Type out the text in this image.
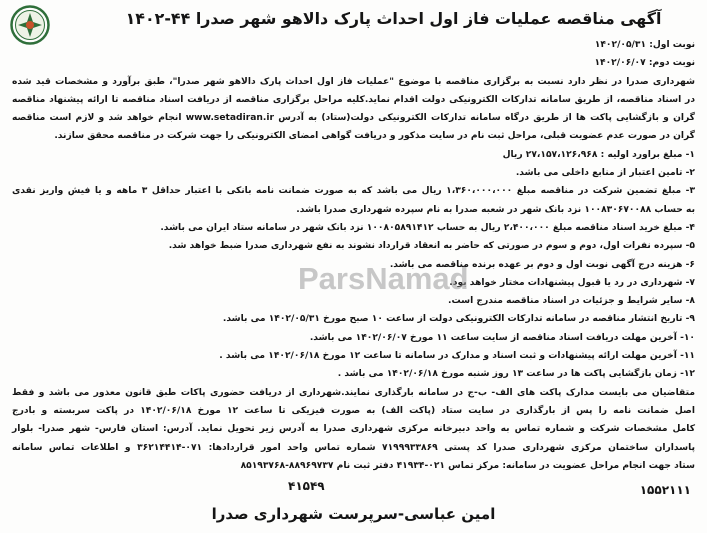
آگهی مناقصه عملیات فاز اول احداث پارک دالاهو شهر صدرا ۴۴-۱۴۰۲
نوبت اول: ۱۴۰۲/۰۵/۳۱
نوبت دوم: ۱۴۰۲/۰۶/۰۷
شهرداری صدرا در نظر دارد نسبت به برگزاری مناقصه با موضوع "عملیات فاز اول احداث پارک دالاهو شهر صدرا"، طبق برآورد و مشخصات قید شده
در اسناد مناقصه، از طریق سامانه تدارکات الکترونیکی دولت اقدام نماید.کلیه مراحل برگزاری مناقصه از دریافت اسناد مناقصه تا ارائه پیشنهاد مناقصه
گران و بازگشایی پاکت ها از طریق درگاه سامانه تدارکات الکترونیکی دولت(ستاد) به آدرس www.setadiran.ir انجام خواهد شد و لازم است مناقصه
گران در صورت عدم عضویت قبلی، مراحل ثبت نام در سایت مذکور و دریافت گواهی امضای الکترونیکی را جهت شرکت در مناقصه محقق سازند.
۱- مبلغ براورد اولیه : ۲۷،۱۵۷،۱۲۶،۹۶۸ ریال
۲- تامین اعتبار از منابع داخلی می باشد.
۳- مبلغ تضمین شرکت در مناقصه مبلغ ۱،۳۶۰،۰۰۰،۰۰۰ ریال می باشد که به صورت ضمانت نامه بانکی با اعتبار حداقل ۳ ماهه و یا فیش واریز نقدی
به حساب ۱۰۰۸۳۰۶۷۰۰۸۸ نزد بانک شهر در شعبه صدرا به نام سپرده شهرداری صدرا باشد.
۴- مبلغ خرید اسناد مناقصه مبلغ ۲،۴۰۰،۰۰۰ ریال به حساب ۱۰۰۸۰۵۸۹۱۴۱۲ نزد بانک شهر در سامانه ستاد ایران می باشد.
۵- سپرده نفرات اول، دوم و سوم در صورتی که حاضر به انعقاد قرارداد نشوند به نفع شهرداری صدرا ضبط خواهد شد.
۶- هزینه درج آگهی نوبت اول و دوم بر عهده برنده مناقصه می باشد.
۷- شهرداری در رد یا قبول پیشنهادات مختار خواهد بود.
۸- سایر شرایط و جزئیات در اسناد مناقصه مندرج است.
۹- تاریخ انتشار مناقصه در سامانه تدارکات الکترونیکی دولت از ساعت ۱۰ صبح مورخ ۱۴۰۲/۰۵/۳۱ می باشد.
۱۰- آخرین مهلت دریافت اسناد مناقصه از سایت ساعت ۱۱ مورخ ۱۴۰۲/۰۶/۰۷ می باشد.
۱۱- آخرین مهلت ارائه پیشنهادات و ثبت اسناد و مدارک در سامانه تا ساعت ۱۲ مورخ ۱۴۰۲/۰۶/۱۸ می باشد .
۱۲- زمان بازگشایی پاکت ها در ساعت ۱۳ روز شنبه مورخ ۱۴۰۲/۰۶/۱۸ می باشد .
متقاضیان می بایست مدارک پاکت های الف- ب-ج در سامانه بارگذاری نمایند.شهرداری از دریافت حضوری پاکات طبق قانون معذور می باشد و فقط
اصل ضمانت نامه را پس از بارگذاری در سایت ستاد (پاکت الف) به صورت فیزیکی تا ساعت ۱۲ مورخ ۱۴۰۲/۰۶/۱۸ در پاکت سربسته و بادرج
کامل مشخصات شرکت و شماره تماس به واحد دبیرخانه مرکزی شهرداری صدرا به آدرس زیر تحویل نماید. آدرس: استان فارس- شهر صدرا- بلوار
پاسداران ساختمان مرکزی شهرداری صدرا کد پستی ۷۱۹۹۹۳۳۸۶۹ شماره تماس واحد امور قراردادها: ۰۷۱-۳۶۲۱۴۴۱۴ و اطلاعات تماس سامانه
ستاد جهت انجام مراحل عضویت در سامانه: مرکز تماس ۰۲۱-۴۱۹۳۴ دفتر ثبت نام ۸۸۹۶۹۷۳۷-۸۵۱۹۳۷۶۸
۴۱۵۴۹	۱۵۵۲۱۱۱
امین عباسی-سرپرست شهرداری صدرا
ParsNamad
